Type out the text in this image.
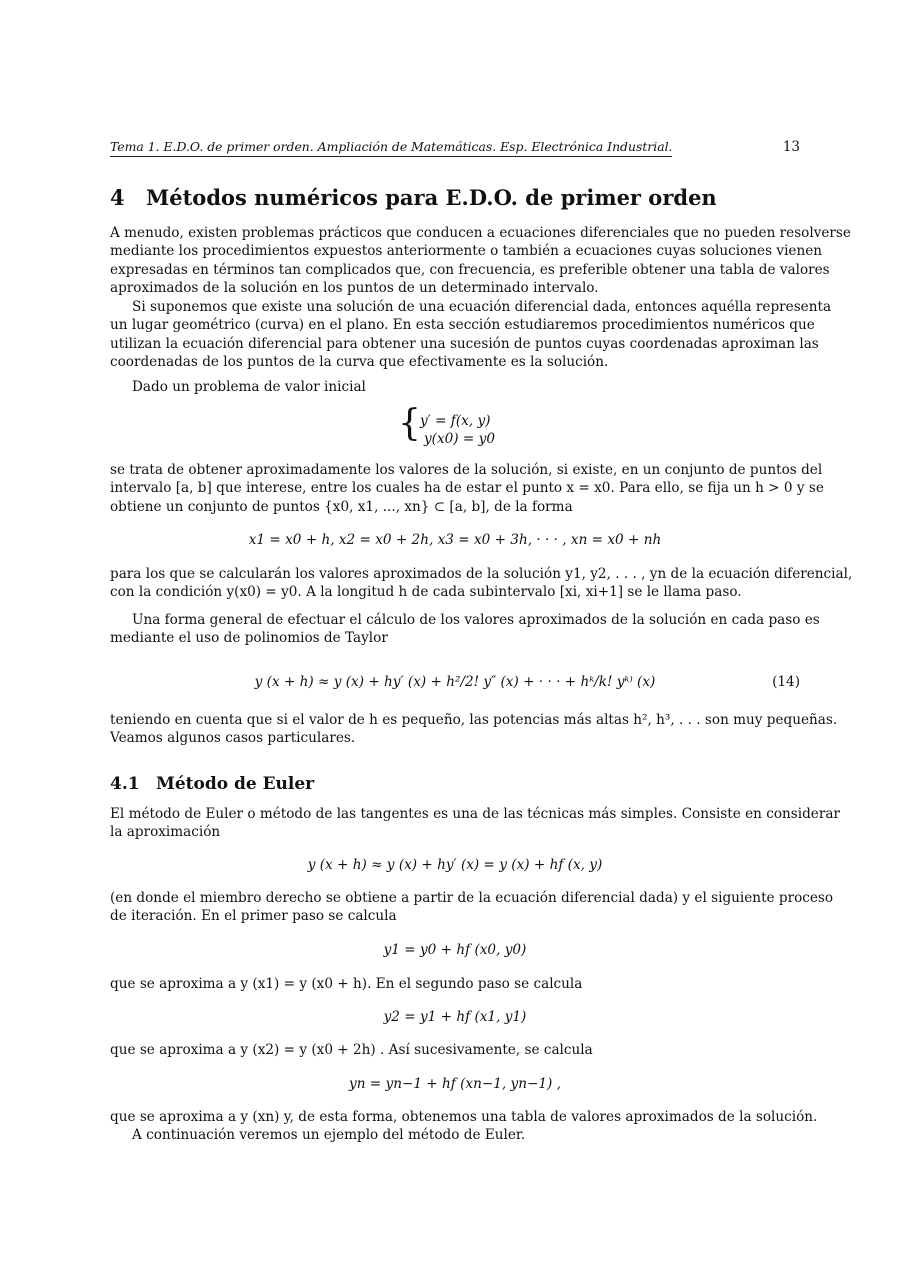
Tema 1. E.D.O. de primer orden. Ampliación de Matemáticas. Esp. Electrónica Industrial.	13
4 Métodos numéricos para E.D.O. de primer orden
A menudo, existen problemas prácticos que conducen a ecuaciones diferenciales que no pueden resolverse
mediante los procedimientos expuestos anteriormente o también a ecuaciones cuyas soluciones vienen
expresadas en términos tan complicados que, con frecuencia, es preferible obtener una tabla de valores
aproximados de la solución en los puntos de un determinado intervalo.
Si suponemos que existe una solución de una ecuación diferencial dada, entonces aquélla representa
un lugar geométrico (curva) en el plano. En esta sección estudiaremos procedimientos numéricos que
utilizan la ecuación diferencial para obtener una sucesión de puntos cuyas coordenadas aproximan las
coordenadas de los puntos de la curva que efectivamente es la solución.
Dado un problema de valor inicial
{ y′ = f(x, y)
y(x0) = y0
se trata de obtener aproximadamente los valores de la solución, si existe, en un conjunto de puntos del
intervalo [a, b] que interese, entre los cuales ha de estar el punto x = x0. Para ello, se fija un h > 0 y se
obtiene un conjunto de puntos {x0, x1, ..., xn} ⊂ [a, b], de la forma
x1 = x0 + h, x2 = x0 + 2h, x3 = x0 + 3h, · · · , xn = x0 + nh
para los que se calcularán los valores aproximados de la solución y1, y2, . . . , yn de la ecuación diferencial,
con la condición y(x0) = y0. A la longitud h de cada subintervalo [xi, xi+1] se le llama paso.
Una forma general de efectuar el cálculo de los valores aproximados de la solución en cada paso es
mediante el uso de polinomios de Taylor
y (x + h) ≈ y (x) + hy′ (x) + h²/2! y″ (x) + · · · + hᵏ/k! yᵏ⁾ (x)	(14)
teniendo en cuenta que si el valor de h es pequeño, las potencias más altas h², h³, . . . son muy pequeñas.
Veamos algunos casos particulares.
4.1 Método de Euler
El método de Euler o método de las tangentes es una de las técnicas más simples. Consiste en considerar
la aproximación
y (x + h) ≈ y (x) + hy′ (x) = y (x) + hf (x, y)
(en donde el miembro derecho se obtiene a partir de la ecuación diferencial dada) y el siguiente proceso
de iteración. En el primer paso se calcula
y1 = y0 + hf (x0, y0)
que se aproxima a y (x1) = y (x0 + h). En el segundo paso se calcula
y2 = y1 + hf (x1, y1)
que se aproxima a y (x2) = y (x0 + 2h) . Así sucesivamente, se calcula
yn = yn−1 + hf (xn−1, yn−1) ,
que se aproxima a y (xn) y, de esta forma, obtenemos una tabla de valores aproximados de la solución.
A continuación veremos un ejemplo del método de Euler.
